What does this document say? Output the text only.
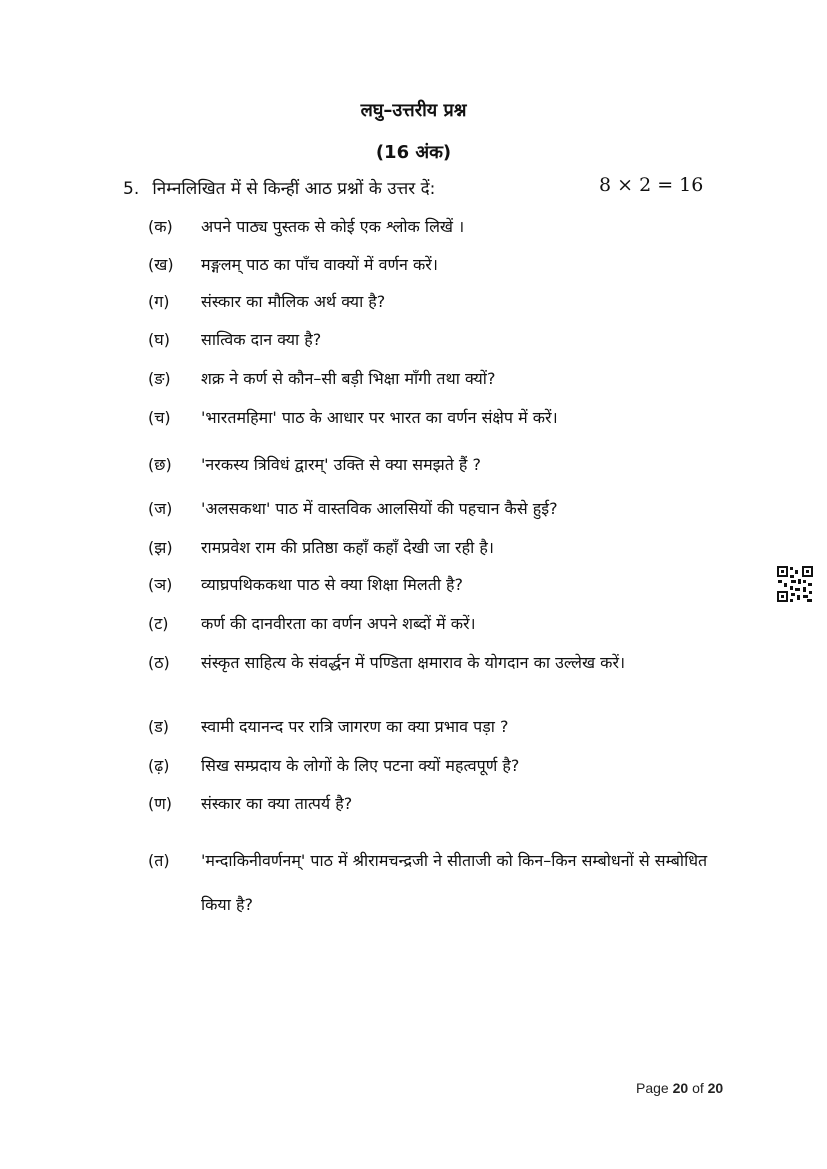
लघु–उत्तरीय प्रश्न
(16 अंक)
5. निम्नलिखित में से किन्हीं आठ प्रश्नों के उत्तर दें:	8 × 2 = 16
(क) अपने पाठ्य पुस्तक से कोई एक श्लोक लिखें ।
(ख) मङ्गलम् पाठ का पाँच वाक्यों में वर्णन करें।
(ग) संस्कार का मौलिक अर्थ क्या है?
(घ) सात्विक दान क्या है?
(ङ) शक्र ने कर्ण से कौन–सी बड़ी भिक्षा माँगी तथा क्यों?
(च) 'भारतमहिमा' पाठ के आधार पर भारत का वर्णन संक्षेप में करें।
(छ) 'नरकस्य त्रिविधं द्वारम्' उक्ति से क्या समझते हैं ?
(ज) 'अलसकथा' पाठ में वास्तविक आलसियों की पहचान कैसे हुई?
(झ) रामप्रवेश राम की प्रतिष्ठा कहाँ कहाँ देखी जा रही है।
(ञ) व्याघ्रपथिककथा पाठ से क्या शिक्षा मिलती है?
(ट) कर्ण की दानवीरता का वर्णन अपने शब्दों में करें।
(ठ) संस्कृत साहित्य के संवर्द्धन में पण्डिता क्षमाराव के योगदान का उल्लेख करें।
(ड) स्वामी दयानन्द पर रात्रि जागरण का क्या प्रभाव पड़ा ?
(ढ़) सिख सम्प्रदाय के लोगों के लिए पटना क्यों महत्वपूर्ण है?
(ण) संस्कार का क्या तात्पर्य है?
(त) 'मन्दाकिनीवर्णनम्' पाठ में श्रीरामचन्द्रजी ने सीताजी को किन–किन सम्बोधनों से सम्बोधित किया है?
Page 20 of 20
